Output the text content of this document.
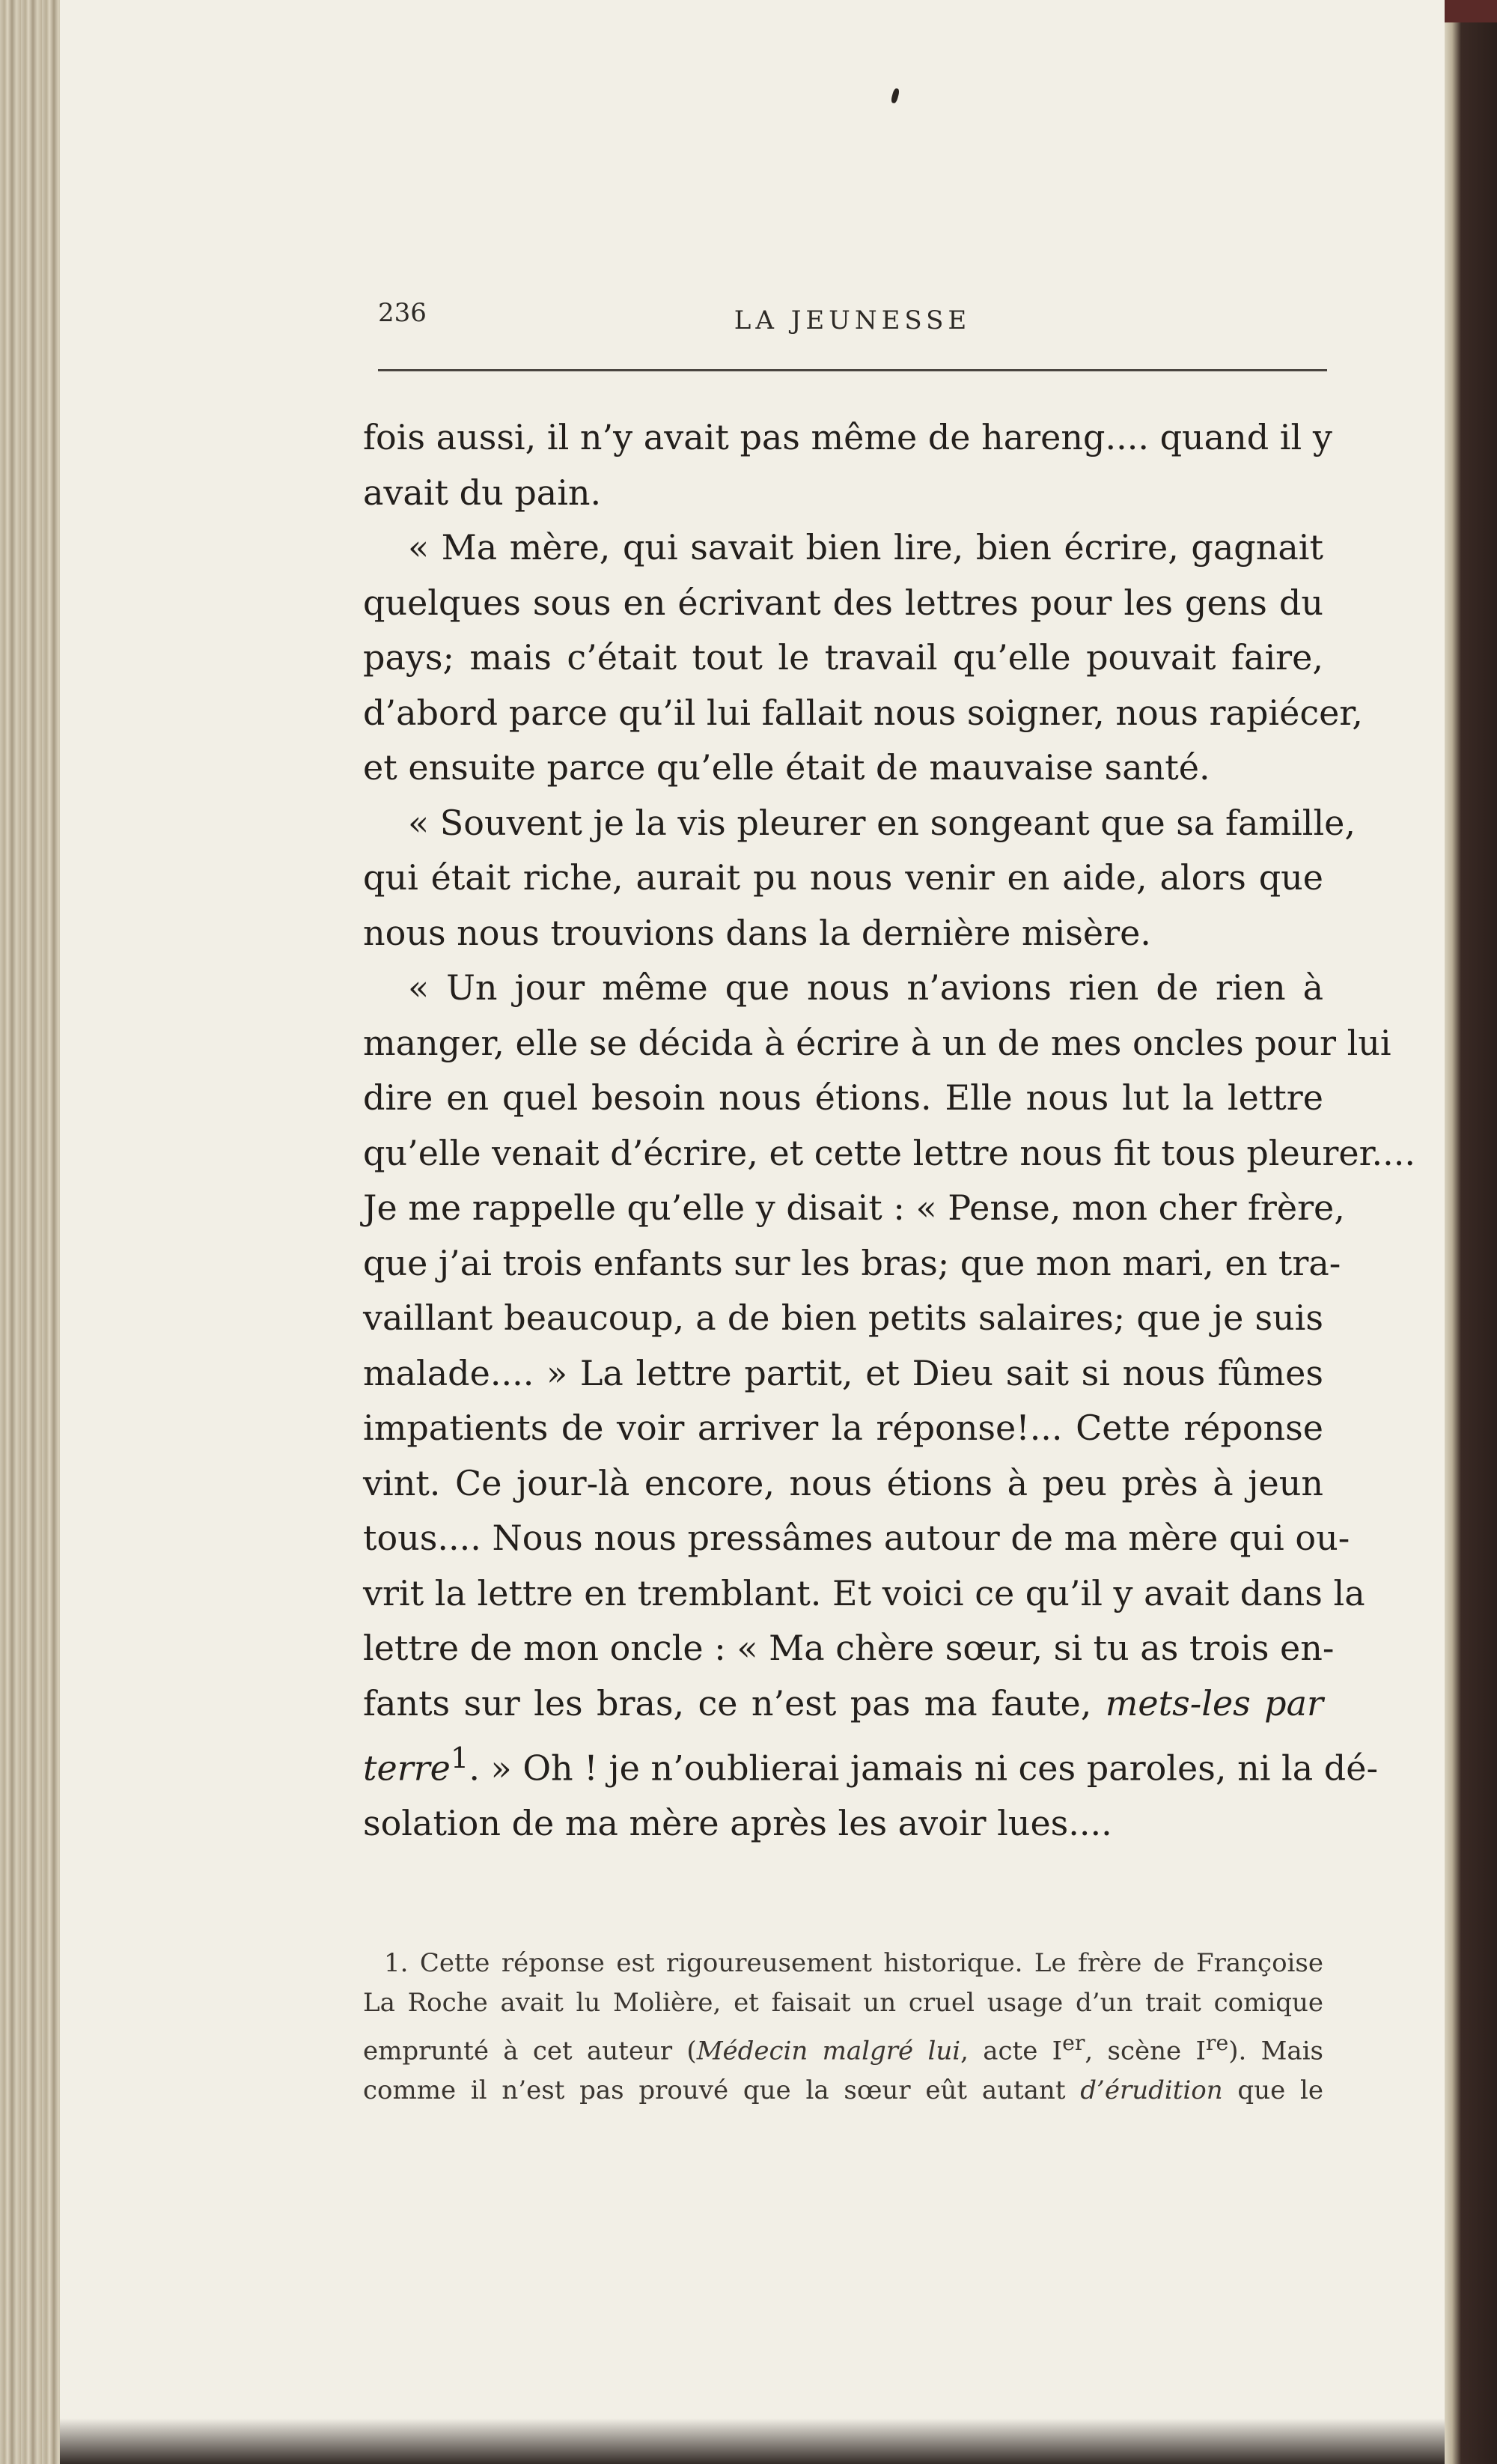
236	LA JEUNESSE
fois aussi, il n’y avait pas même de hareng.... quand il y
avait du pain.
« Ma mère, qui savait bien lire, bien écrire, gagnait
quelques sous en écrivant des lettres pour les gens du
pays; mais c’était tout le travail qu’elle pouvait faire,
d’abord parce qu’il lui fallait nous soigner, nous rapiécer,
et ensuite parce qu’elle était de mauvaise santé.
« Souvent je la vis pleurer en songeant que sa famille,
qui était riche, aurait pu nous venir en aide, alors que
nous nous trouvions dans la dernière misère.
« Un jour même que nous n’avions rien de rien à
manger, elle se décida à écrire à un de mes oncles pour lui
dire en quel besoin nous étions. Elle nous lut la lettre
qu’elle venait d’écrire, et cette lettre nous fit tous pleurer....
Je me rappelle qu’elle y disait : « Pense, mon cher frère,
que j’ai trois enfants sur les bras; que mon mari, en tra-
vaillant beaucoup, a de bien petits salaires; que je suis
malade.... » La lettre partit, et Dieu sait si nous fûmes
impatients de voir arriver la réponse!... Cette réponse
vint. Ce jour-là encore, nous étions à peu près à jeun
tous.... Nous nous pressâmes autour de ma mère qui ou-
vrit la lettre en tremblant. Et voici ce qu’il y avait dans la
lettre de mon oncle : « Ma chère sœur, si tu as trois en-
fants sur les bras, ce n’est pas ma faute, mets-les par
terre$^1$. » Oh ! je n’oublierai jamais ni ces paroles, ni la dé-
solation de ma mère après les avoir lues....
1. Cette réponse est rigoureusement historique. Le frère de Françoise
La Roche avait lu Molière, et faisait un cruel usage d’un trait comique
emprunté à cet auteur (Médecin malgré lui, acte Ier, scène Ire). Mais
comme il n’est pas prouvé que la sœur eût autant d’érudition que le
